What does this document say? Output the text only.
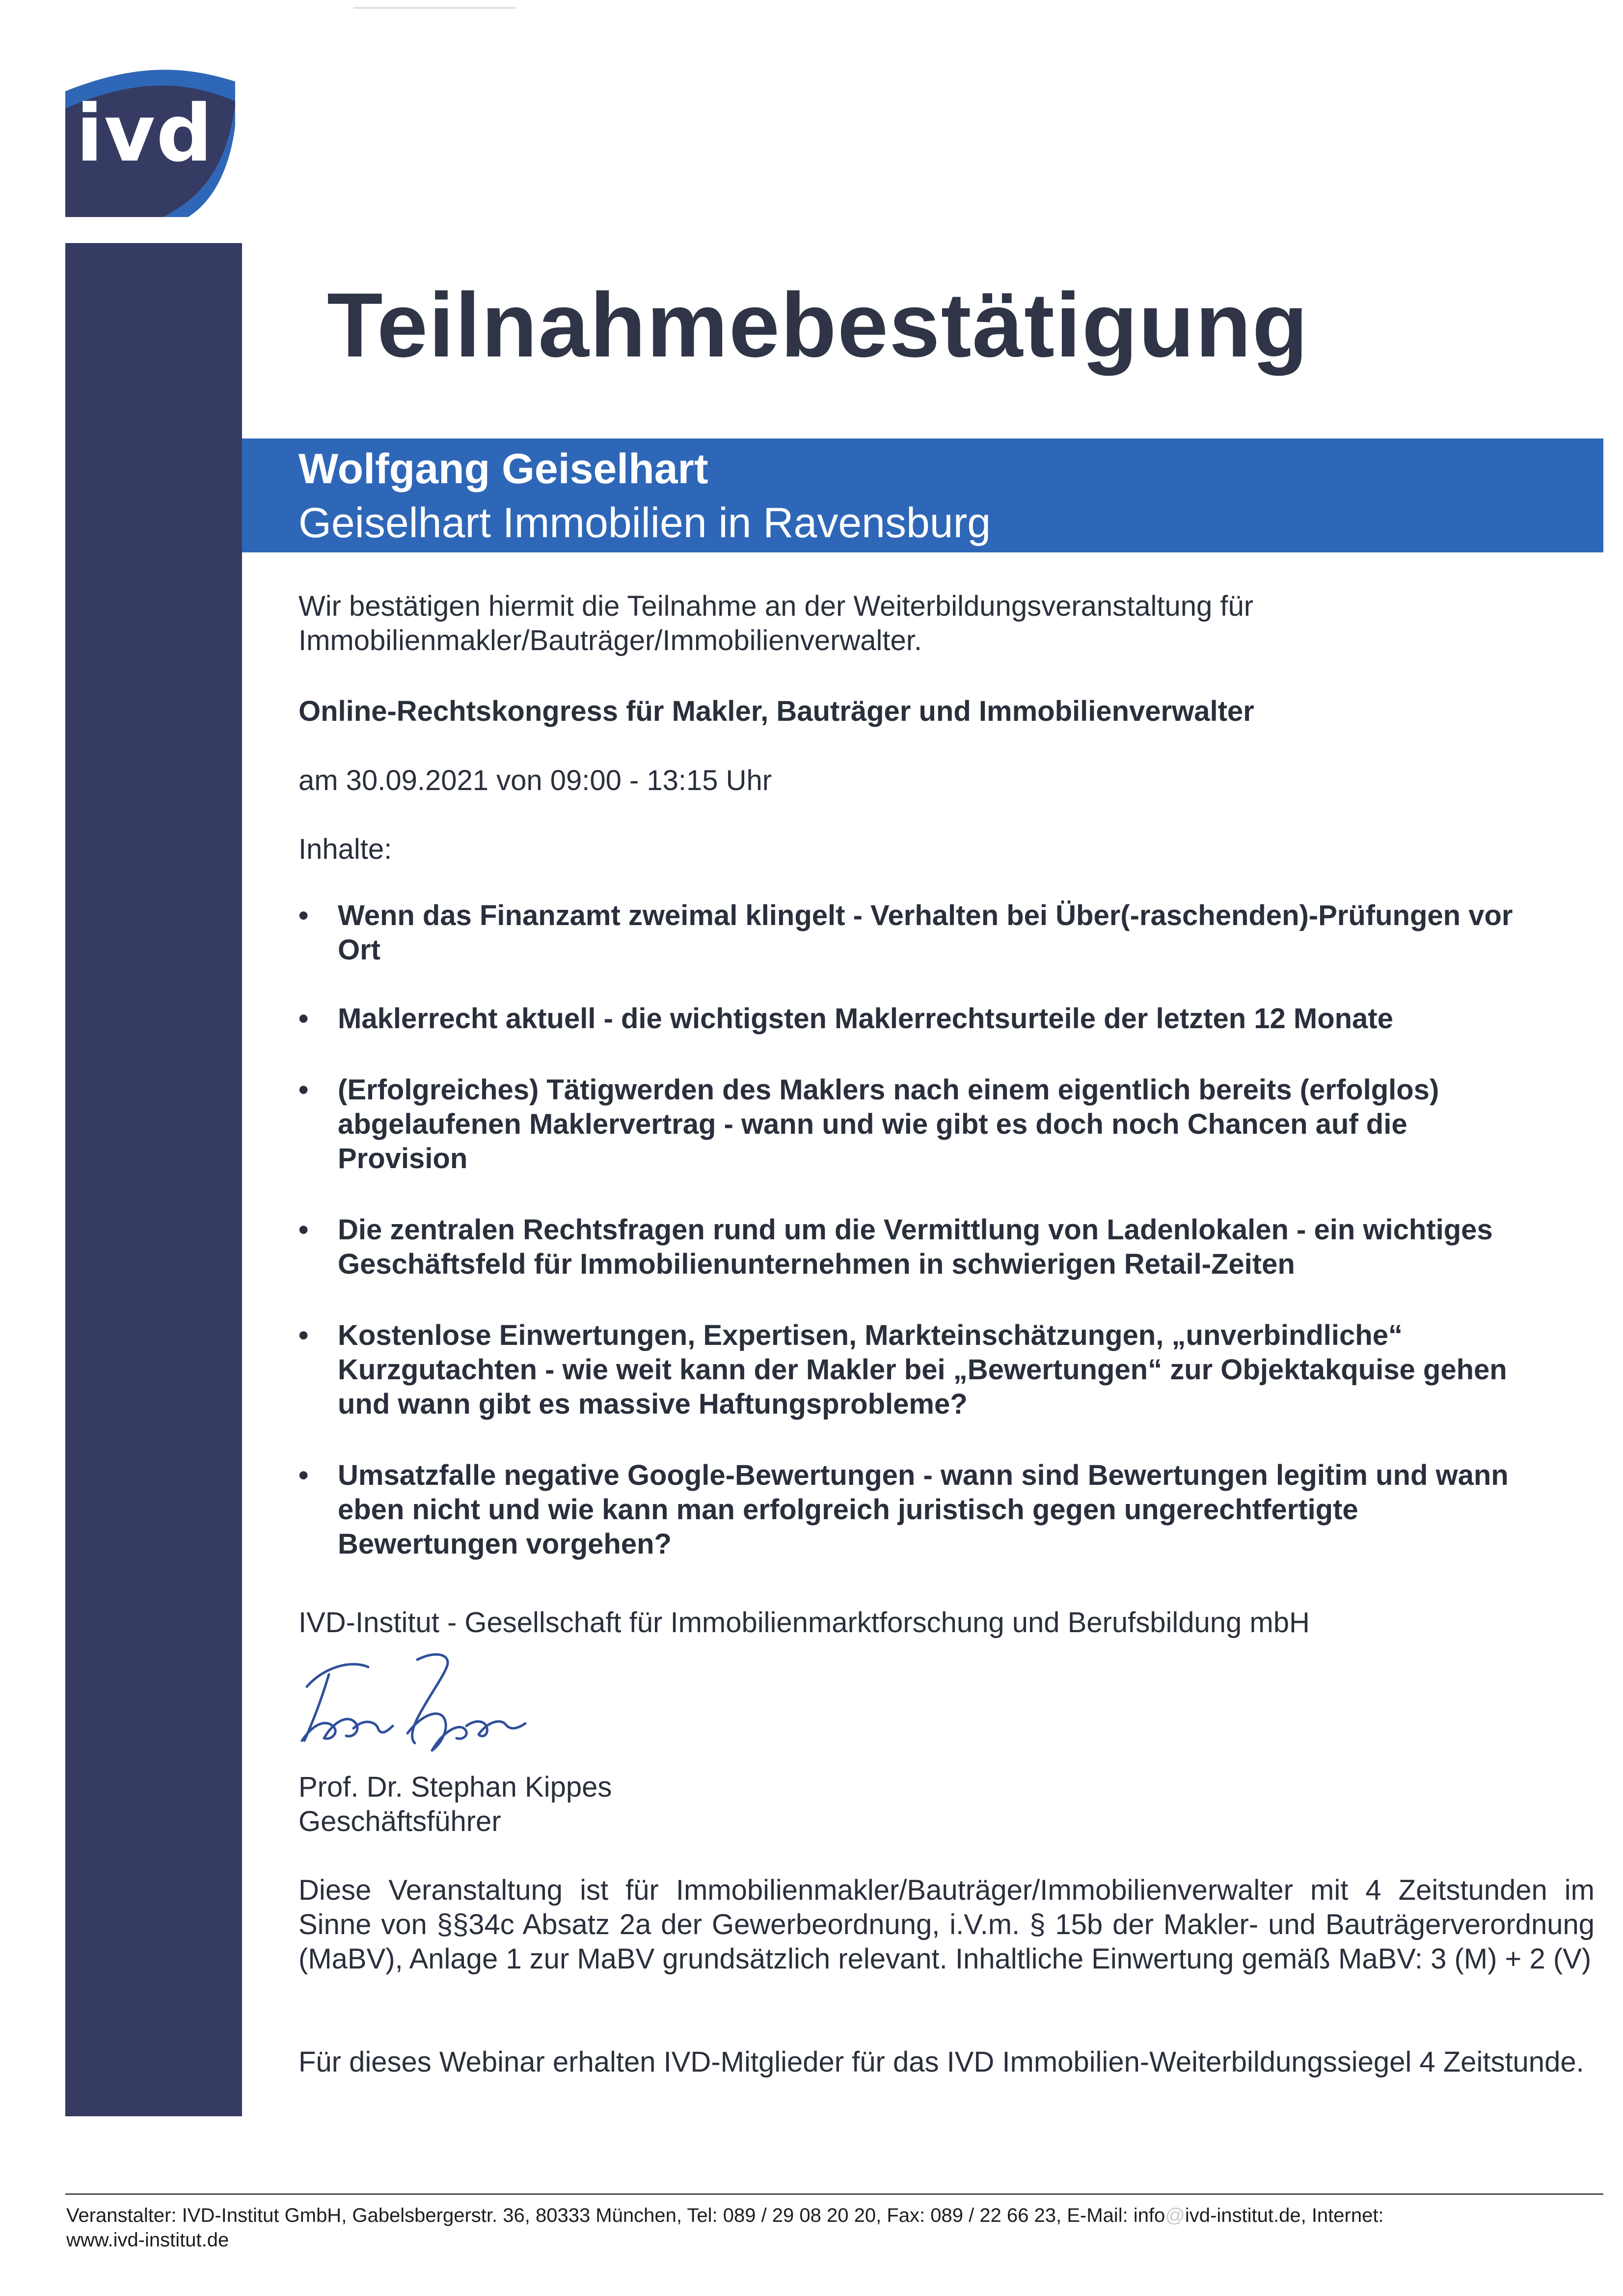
ivd
Teilnahmebestätigung
Wolfgang Geiselhart
Geiselhart Immobilien in Ravensburg
Wir bestätigen hiermit die Teilnahme an der Weiterbildungsveranstaltung für
Immobilienmakler/Bauträger/Immobilienverwalter.
Online-Rechtskongress für Makler, Bauträger und Immobilienverwalter
am 30.09.2021 von 09:00 - 13:15 Uhr
Inhalte:
•	Wenn das Finanzamt zweimal klingelt - Verhalten bei Über(-raschenden)-Prüfungen vor
Ort
•	Maklerrecht aktuell - die wichtigsten Maklerrechtsurteile der letzten 12 Monate
•	(Erfolgreiches) Tätigwerden des Maklers nach einem eigentlich bereits (erfolglos)
abgelaufenen Maklervertrag - wann und wie gibt es doch noch Chancen auf die
Provision
•	Die zentralen Rechtsfragen rund um die Vermittlung von Ladenlokalen - ein wichtiges
Geschäftsfeld für Immobilienunternehmen in schwierigen Retail-Zeiten
•	Kostenlose Einwertungen, Expertisen, Markteinschätzungen, „unverbindliche“
Kurzgutachten - wie weit kann der Makler bei „Bewertungen“ zur Objektakquise gehen
und wann gibt es massive Haftungsprobleme?
•	Umsatzfalle negative Google-Bewertungen - wann sind Bewertungen legitim und wann
eben nicht und wie kann man erfolgreich juristisch gegen ungerechtfertigte
Bewertungen vorgehen?
IVD-Institut - Gesellschaft für Immobilienmarktforschung und Berufsbildung mbH
Prof. Dr. Stephan Kippes
Geschäftsführer
Diese Veranstaltung ist für Immobilienmakler/Bauträger/Immobilienverwalter mit 4 Zeitstunden im Sinne von §§34c Absatz 2a der Gewerbeordnung, i.V.m. § 15b der Makler- und Bauträgerverordnung (MaBV), Anlage 1 zur MaBV grundsätzlich relevant. Inhaltliche Einwertung gemäß MaBV: 3 (M) + 2 (V)
Für dieses Webinar erhalten IVD-Mitglieder für das IVD Immobilien-Weiterbildungssiegel 4 Zeitstunde.
Veranstalter: IVD-Institut GmbH, Gabelsbergerstr. 36, 80333 München, Tel: 089 / 29 08 20 20, Fax: 089 / 22 66 23, E-Mail: info@ivd-institut.de, Internet:
www.ivd-institut.de
